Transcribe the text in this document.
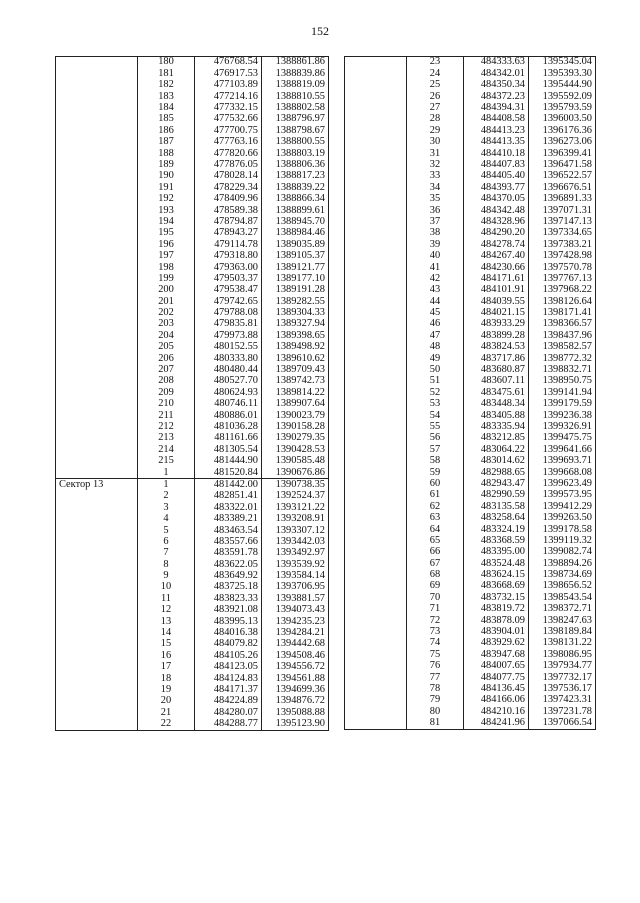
152
	180	476768.54	1388861.86
	181	476917.53	1388839.86
	182	477103.89	1388819.09
	183	477214.16	1388810.55
	184	477332.15	1388802.58
	185	477532.66	1388796.97
	186	477700.75	1388798.67
	187	477763.16	1388800.55
	188	477820.66	1388803.19
	189	477876.05	1388806.36
	190	478028.14	1388817.23
	191	478229.34	1388839.22
	192	478409.96	1388866.34
	193	478589.38	1388899.61
	194	478794.87	1388945.70
	195	478943.27	1388984.46
	196	479114.78	1389035.89
	197	479318.80	1389105.37
	198	479363.00	1389121.77
	199	479503.37	1389177.10
	200	479538.47	1389191.28
	201	479742.65	1389282.55
	202	479788.08	1389304.33
	203	479835.81	1389327.94
	204	479973.88	1389398.65
	205	480152.55	1389498.92
	206	480333.80	1389610.62
	207	480480.44	1389709.43
	208	480527.70	1389742.73
	209	480624.93	1389814.22
	210	480746.11	1389907.64
	211	480886.01	1390023.79
	212	481036.28	1390158.28
	213	481161.66	1390279.35
	214	481305.54	1390428.53
	215	481444.90	1390585.48
	1	481520.84	1390676.86
Сектор 13	1	481442.00	1390738.35
	2	482851.41	1392524.37
	3	483322.01	1393121.22
	4	483389.21	1393208.91
	5	483463.54	1393307.12
	6	483557.66	1393442.03
	7	483591.78	1393492.97
	8	483622.05	1393539.92
	9	483649.92	1393584.14
	10	483725.18	1393706.95
	11	483823.33	1393881.57
	12	483921.08	1394073.43
	13	483995.13	1394235.23
	14	484016.38	1394284.21
	15	484079.82	1394442.68
	16	484105.26	1394508.46
	17	484123.05	1394556.72
	18	484124.83	1394561.88
	19	484171.37	1394699.36
	20	484224.89	1394876.72
	21	484280.07	1395088.88
	22	484288.77	1395123.90
	23	484333.63	1395345.04
	24	484342.01	1395393.30
	25	484350.34	1395444.90
	26	484372.23	1395592.09
	27	484394.31	1395793.59
	28	484408.58	1396003.50
	29	484413.23	1396176.36
	30	484413.35	1396273.06
	31	484410.18	1396399.41
	32	484407.83	1396471.58
	33	484405.40	1396522.57
	34	484393.77	1396676.51
	35	484370.05	1396891.33
	36	484342.48	1397071.31
	37	484328.96	1397147.13
	38	484290.20	1397334.65
	39	484278.74	1397383.21
	40	484267.40	1397428.98
	41	484230.66	1397570.78
	42	484171.61	1397767.13
	43	484101.91	1397968.22
	44	484039.55	1398126.64
	45	484021.15	1398171.41
	46	483933.29	1398366.57
	47	483899.28	1398437.96
	48	483824.53	1398582.57
	49	483717.86	1398772.32
	50	483680.87	1398832.71
	51	483607.11	1398950.75
	52	483475.61	1399141.94
	53	483448.34	1399179.59
	54	483405.88	1399236.38
	55	483335.94	1399326.91
	56	483212.85	1399475.75
	57	483064.22	1399641.66
	58	483014.62	1399693.71
	59	482988.65	1399668.08
	60	482943.47	1399623.49
	61	482990.59	1399573.95
	62	483135.58	1399412.29
	63	483258.64	1399263.50
	64	483324.19	1399178.58
	65	483368.59	1399119.32
	66	483395.00	1399082.74
	67	483524.48	1398894.26
	68	483624.15	1398734.69
	69	483668.69	1398656.52
	70	483732.15	1398543.54
	71	483819.72	1398372.71
	72	483878.09	1398247.63
	73	483904.01	1398189.84
	74	483929.62	1398131.22
	75	483947.68	1398086.95
	76	484007.65	1397934.77
	77	484077.75	1397732.17
	78	484136.45	1397536.17
	79	484166.06	1397423.31
	80	484210.16	1397231.78
	81	484241.96	1397066.54
